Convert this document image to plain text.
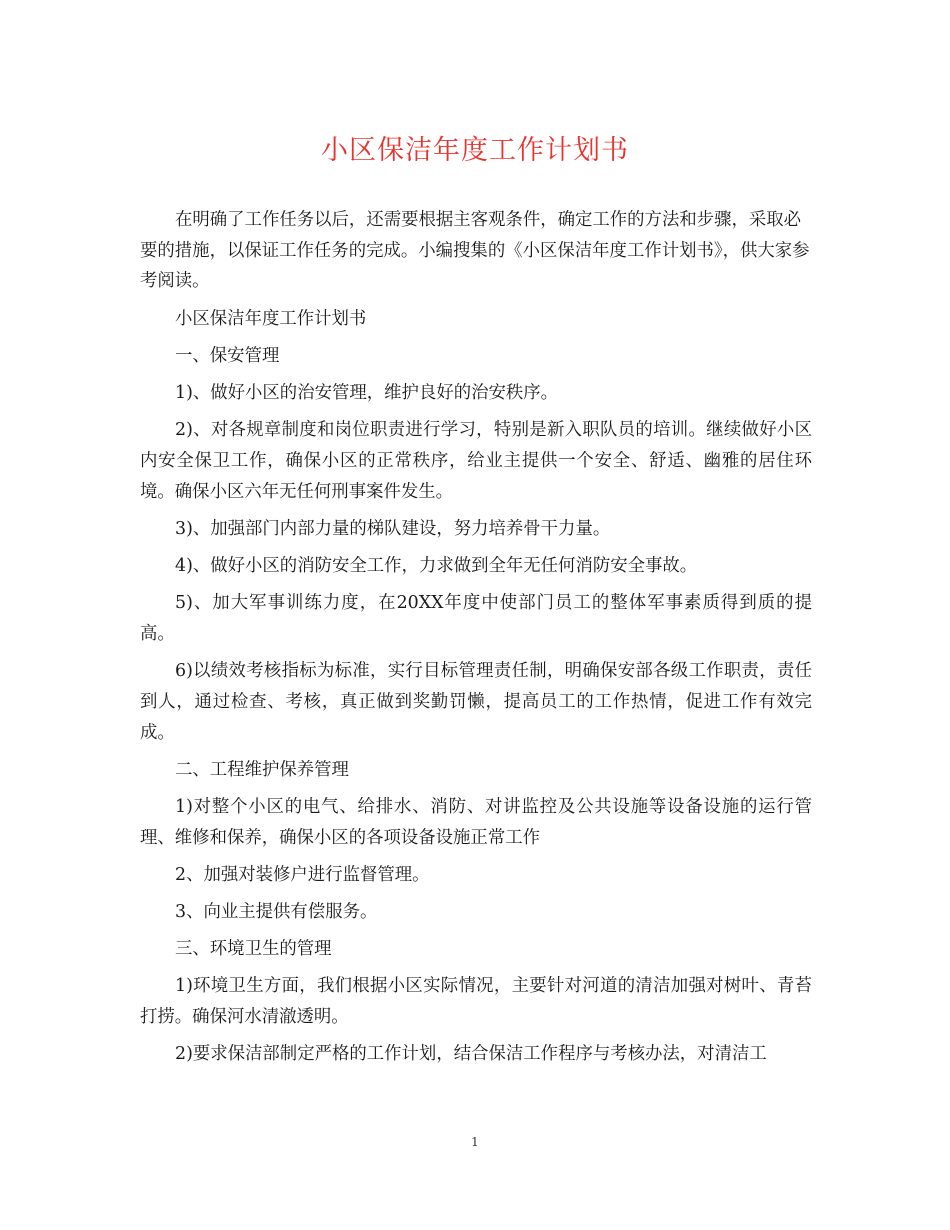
小区保洁年度工作计划书

在明确了工作任务以后，还需要根据主客观条件，确定工作的方法和步骤，采取必要的措施，以保证工作任务的完成。小编搜集的《小区保洁年度工作计划书》，供大家参考阅读。

小区保洁年度工作计划书

一、保安管理

1)、做好小区的治安管理，维护良好的治安秩序。

2)、对各规章制度和岗位职责进行学习，特别是新入职队员的培训。继续做好小区内安全保卫工作，确保小区的正常秩序，给业主提供一个安全、舒适、幽雅的居住环境。确保小区六年无任何刑事案件发生。

3)、加强部门内部力量的梯队建设，努力培养骨干力量。

4)、做好小区的消防安全工作，力求做到全年无任何消防安全事故。

5)、加大军事训练力度，在20XX年度中使部门员工的整体军事素质得到质的提高。

6)以绩效考核指标为标准，实行目标管理责任制，明确保安部各级工作职责，责任到人，通过检查、考核，真正做到奖勤罚懒，提高员工的工作热情，促进工作有效完成。

二、工程维护保养管理

1)对整个小区的电气、给排水、消防、对讲监控及公共设施等设备设施的运行管理、维修和保养，确保小区的各项设备设施正常工作

2、加强对装修户进行监督管理。

3、向业主提供有偿服务。

三、环境卫生的管理

1)环境卫生方面，我们根据小区实际情况，主要针对河道的清洁加强对树叶、青苔打捞。确保河水清澈透明。

2)要求保洁部制定严格的工作计划，结合保洁工作程序与考核办法，对清洁工

1
